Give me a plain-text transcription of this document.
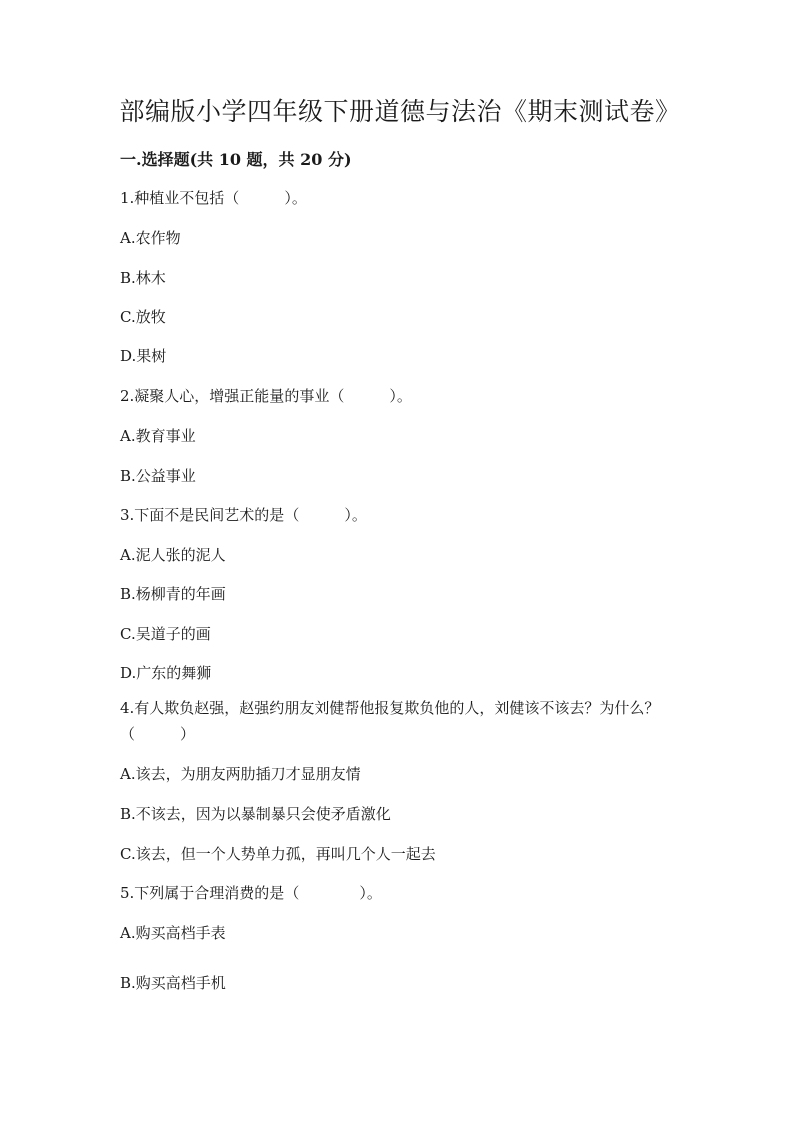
部编版小学四年级下册道德与法治《期末测试卷》
一.选择题(共 10 题，共 20 分)
1.种植业不包括（　　　）。
A.农作物
B.林木
C.放牧
D.果树
2.凝聚人心，增强正能量的事业（　　　）。
A.教育事业
B.公益事业
3.下面不是民间艺术的是（　　　）。
A.泥人张的泥人
B.杨柳青的年画
C.吴道子的画
D.广东的舞狮
4.有人欺负赵强，赵强约朋友刘健帮他报复欺负他的人，刘健该不该去？为什么？（　　　）
A.该去，为朋友两肋插刀才显朋友情
B.不该去，因为以暴制暴只会使矛盾激化
C.该去，但一个人势单力孤，再叫几个人一起去
5.下列属于合理消费的是（　　　　）。
A.购买高档手表
B.购买高档手机
